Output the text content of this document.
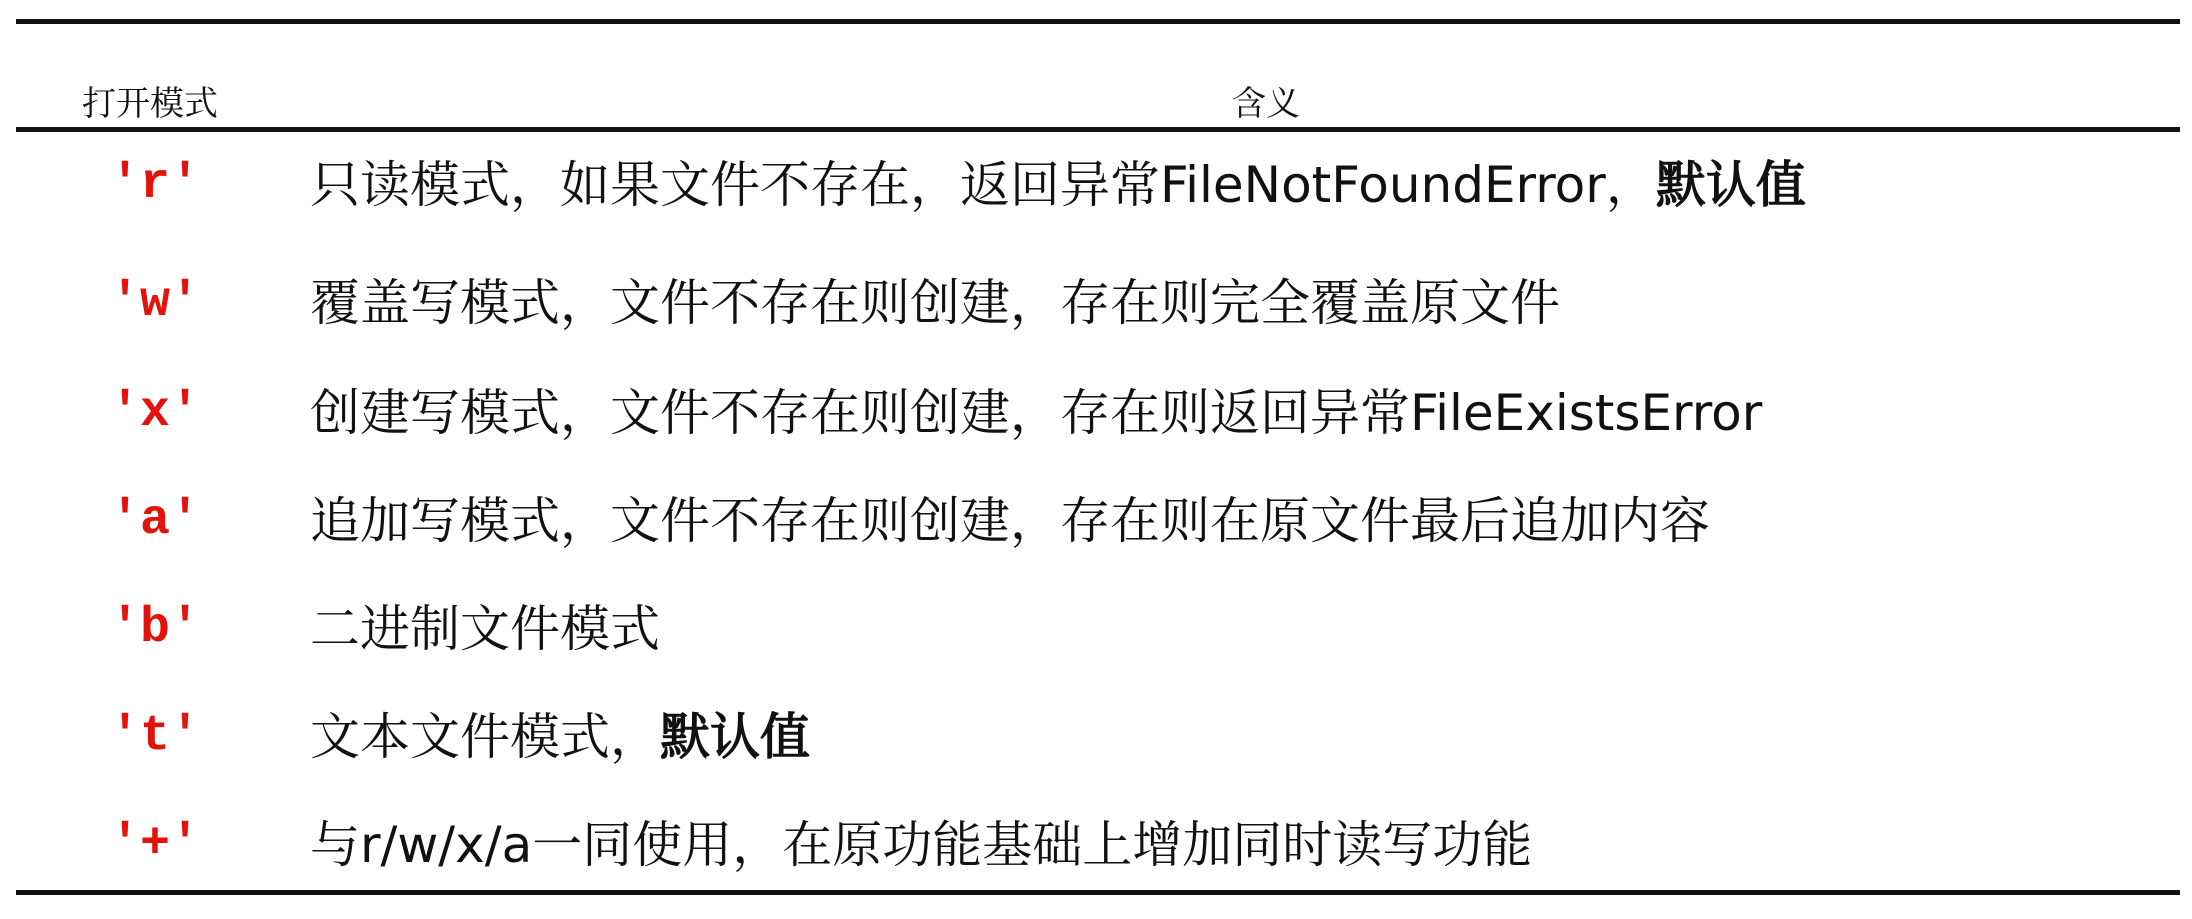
打开模式	含义
'r' 只读模式，如果文件不存在，返回异常FileNotFoundError，默认值
'w' 覆盖写模式，文件不存在则创建，存在则完全覆盖原文件
'x' 创建写模式，文件不存在则创建，存在则返回异常FileExistsError
'a' 追加写模式，文件不存在则创建，存在则在原文件最后追加内容
'b' 二进制文件模式
't' 文本文件模式，默认值
'+' 与r/w/x/a一同使用，在原功能基础上增加同时读写功能
